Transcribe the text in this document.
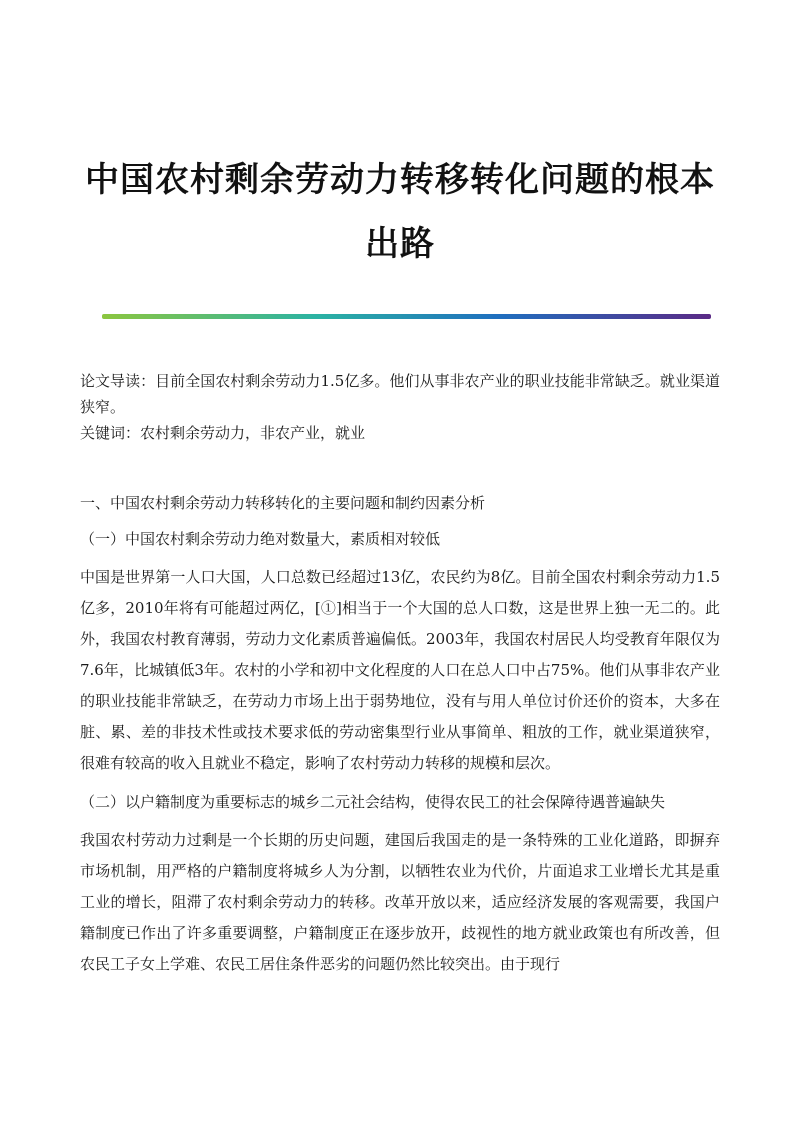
中国农村剩余劳动力转移转化问题的根本出路

论文导读：目前全国农村剩余劳动力1.5亿多。他们从事非农产业的职业技能非常缺乏。就业渠道狭窄。

关键词：农村剩余劳动力，非农产业，就业

一、中国农村剩余劳动力转移转化的主要问题和制约因素分析

（一）中国农村剩余劳动力绝对数量大，素质相对较低

中国是世界第一人口大国，人口总数已经超过13亿，农民约为8亿。目前全国农村剩余劳动力1.5亿多，2010年将有可能超过两亿，[①]相当于一个大国的总人口数，这是世界上独一无二的。此外，我国农村教育薄弱，劳动力文化素质普遍偏低。2003年，我国农村居民人均受教育年限仅为7.6年，比城镇低3年。农村的小学和初中文化程度的人口在总人口中占75%。他们从事非农产业的职业技能非常缺乏，在劳动力市场上出于弱势地位，没有与用人单位讨价还价的资本，大多在脏、累、差的非技术性或技术要求低的劳动密集型行业从事简单、粗放的工作，就业渠道狭窄，很难有较高的收入且就业不稳定，影响了农村劳动力转移的规模和层次。

（二）以户籍制度为重要标志的城乡二元社会结构，使得农民工的社会保障待遇普遍缺失

我国农村劳动力过剩是一个长期的历史问题，建国后我国走的是一条特殊的工业化道路，即摒弃市场机制，用严格的户籍制度将城乡人为分割，以牺牲农业为代价，片面追求工业增长尤其是重工业的增长，阻滞了农村剩余劳动力的转移。改革开放以来，适应经济发展的客观需要，我国户籍制度已作出了许多重要调整，户籍制度正在逐步放开，歧视性的地方就业政策也有所改善，但农民工子女上学难、农民工居住条件恶劣的问题仍然比较突出。由于现行
